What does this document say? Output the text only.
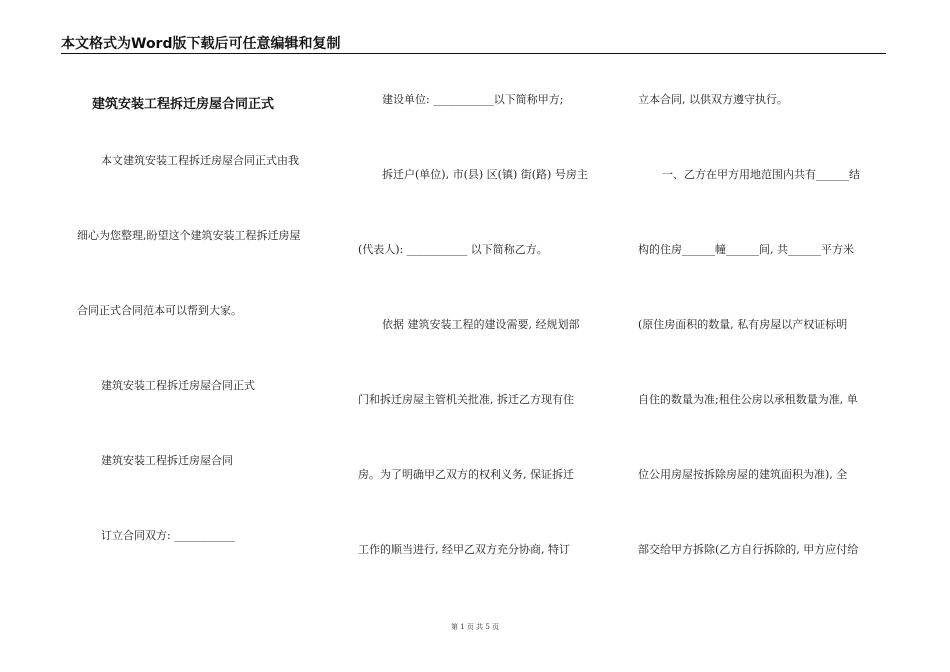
本文格式为Word版下载后可任意编辑和复制
建筑安装工程拆迁房屋合同正式
本文建筑安装工程拆迁房屋合同正式由我
细心为您整理,盼望这个建筑安装工程拆迁房屋
合同正式合同范本可以帮到大家。
建筑安装工程拆迁房屋合同正式
建筑安装工程拆迁房屋合同
订立合同双方: ___________
建设单位: ___________以下简称甲方;
拆迁户(单位), 市(县) 区(镇) 街(路) 号房主
(代表人): ___________ 以下简称乙方。
依据 建筑安装工程的建设需要, 经规划部
门和拆迁房屋主管机关批准, 拆迁乙方现有住
房。为了明确甲乙双方的权利义务, 保证拆迁
工作的顺当进行, 经甲乙双方充分协商, 特订
立本合同, 以供双方遵守执行。
一、乙方在甲方用地范围内共有______结
构的住房______幢______间, 共______平方米
(原住房面积的数量, 私有房屋以产权证标明
自住的数量为准;租住公房以承租数量为准, 单
位公用房屋按拆除房屋的建筑面积为准), 全
部交给甲方拆除(乙方自行拆除的, 甲方应付给
第 1 页 共 5 页
